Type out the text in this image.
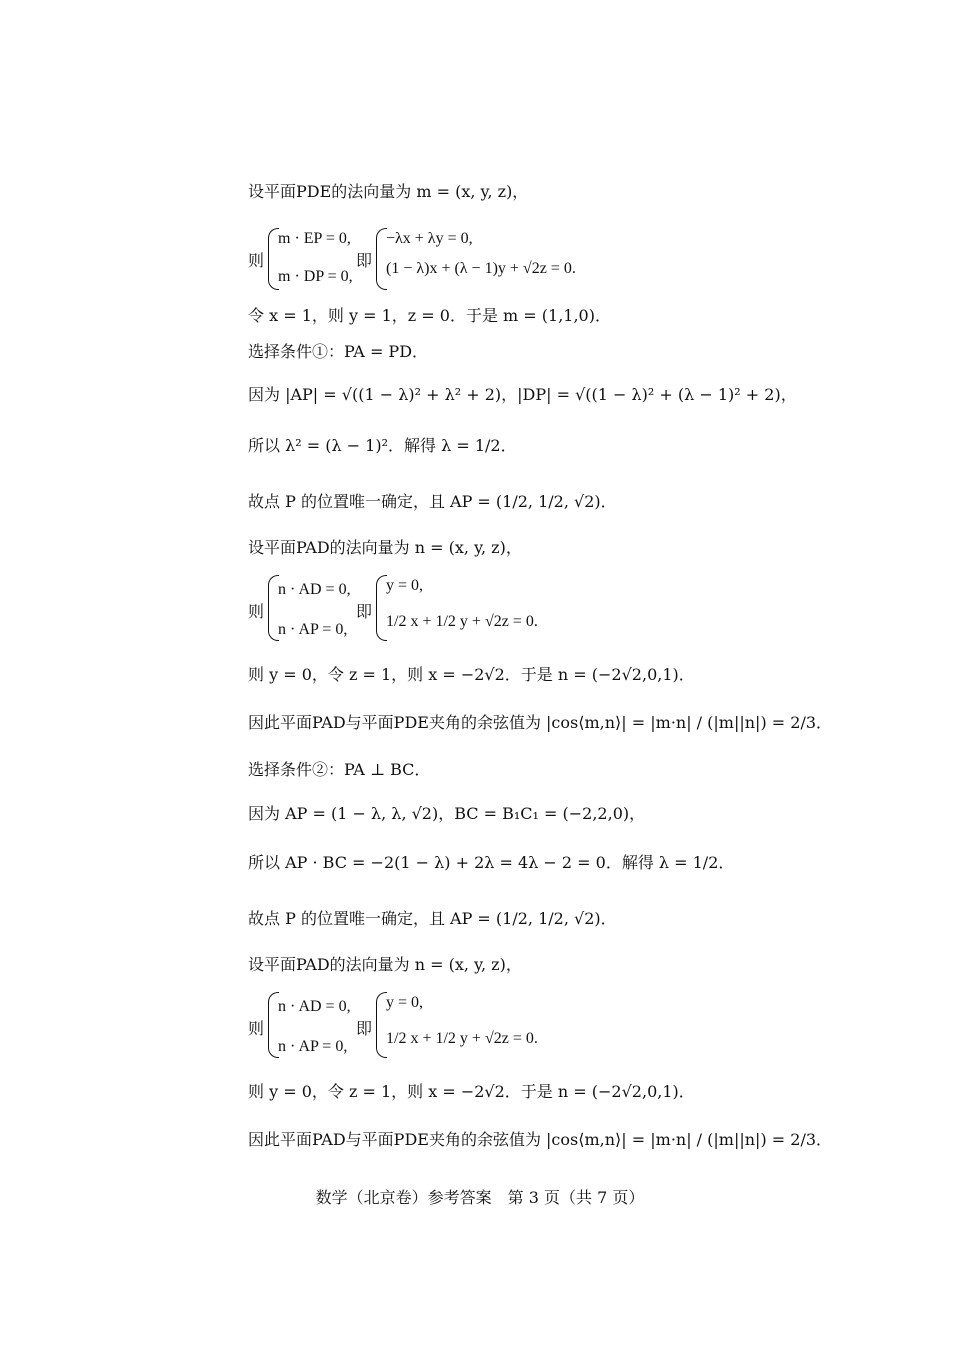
设平面PDE的法向量为 m = (x, y, z)，
则
m · EP = 0,
m · DP = 0,
即
−λx + λy = 0,
(1 − λ)x + (λ − 1)y + √2z = 0.
令 x = 1，则 y = 1，z = 0．于是 m = (1,1,0)．
选择条件①：PA = PD．
因为 |AP| = √((1 − λ)² + λ² + 2)，|DP| = √((1 − λ)² + (λ − 1)² + 2)，
所以 λ² = (λ − 1)²．解得 λ = 1/2．
故点 P 的位置唯一确定，且 AP = (1/2, 1/2, √2)．
设平面PAD的法向量为 n = (x, y, z)，
则
n · AD = 0,
n · AP = 0,
即
y = 0,
1/2 x + 1/2 y + √2z = 0.
则 y = 0，令 z = 1，则 x = −2√2．于是 n = (−2√2,0,1)．
因此平面PAD与平面PDE夹角的余弦值为 |cos⟨m,n⟩| = |m·n| / (|m||n|) = 2/3．
选择条件②：PA ⊥ BC．
因为 AP = (1 − λ, λ, √2)，BC = B₁C₁ = (−2,2,0)，
所以 AP · BC = −2(1 − λ) + 2λ = 4λ − 2 = 0．解得 λ = 1/2．
故点 P 的位置唯一确定，且 AP = (1/2, 1/2, √2)．
设平面PAD的法向量为 n = (x, y, z)，
则
n · AD = 0,
n · AP = 0,
即
y = 0,
1/2 x + 1/2 y + √2z = 0.
则 y = 0，令 z = 1，则 x = −2√2．于是 n = (−2√2,0,1)．
因此平面PAD与平面PDE夹角的余弦值为 |cos⟨m,n⟩| = |m·n| / (|m||n|) = 2/3．
数学（北京卷）参考答案　第 3 页（共 7 页）
